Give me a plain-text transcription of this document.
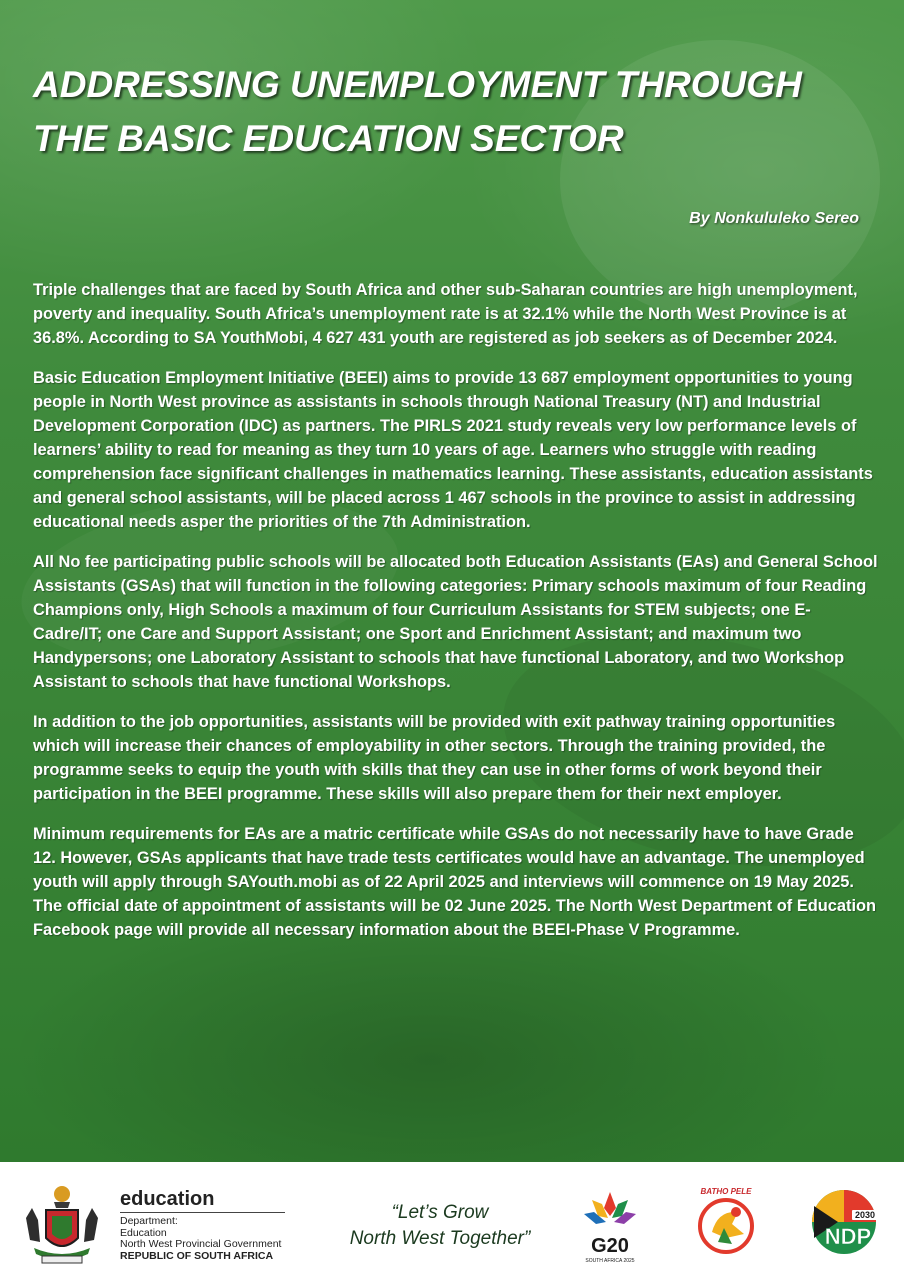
ADDRESSING UNEMPLOYMENT THROUGH
THE BASIC EDUCATION SECTOR

By Nonkululeko Sereo

Triple challenges that are faced by South Africa and other sub-Saharan countries are high unemployment, poverty and inequality. South Africa’s unemployment rate is at 32.1% while the North West Province is at 36.8%. According to SA YouthMobi, 4 627 431 youth are registered as job seekers as of December 2024.

Basic Education Employment Initiative (BEEI) aims to provide 13 687 employment opportunities to young people in North West province as assistants in schools through National Treasury (NT) and Industrial Development Corporation (IDC) as partners. The PIRLS 2021 study reveals very low performance levels of learners’ ability to read for meaning as they turn 10 years of age. Learners who struggle with reading comprehension face significant challenges in mathematics learning. These assistants, education assistants and general school assistants, will be placed across 1 467 schools in the province to assist in addressing educational needs asper the priorities of the 7th Administration.

All No fee participating public schools will be allocated both Education Assistants (EAs) and General School Assistants (GSAs) that will function in the following categories: Primary schools maximum of four Reading Champions only, High Schools a maximum of four Curriculum Assistants for STEM subjects; one E-Cadre/IT; one Care and Support Assistant; one Sport and Enrichment Assistant; and maximum two Handypersons; one Laboratory Assistant to schools that have functional Laboratory, and two Workshop Assistant to schools that have functional Workshops.

In addition to the job opportunities, assistants will be provided with exit pathway training opportunities which will increase their chances of employability in other sectors. Through the training provided, the programme seeks to equip the youth with skills that they can use in other forms of work beyond their participation in the BEEI programme. These skills will also prepare them for their next employer.

Minimum requirements for EAs are a matric certificate while GSAs do not necessarily have to have Grade 12. However, GSAs applicants that have trade tests certificates would have an advantage. The unemployed youth will apply through SAYouth.mobi as of 22 April 2025 and interviews will commence on 19 May 2025. The official date of appointment of assistants will be 02 June 2025. The North West Department of Education Facebook page will provide all necessary information about the BEEI-Phase V Programme.

education
Department:
Education
North West Provincial Government
REPUBLIC OF SOUTH AFRICA
“Let’s Grow
North West Together”	G20
SOUTH AFRICA 2025
BATHO PELE
2030
NDP
